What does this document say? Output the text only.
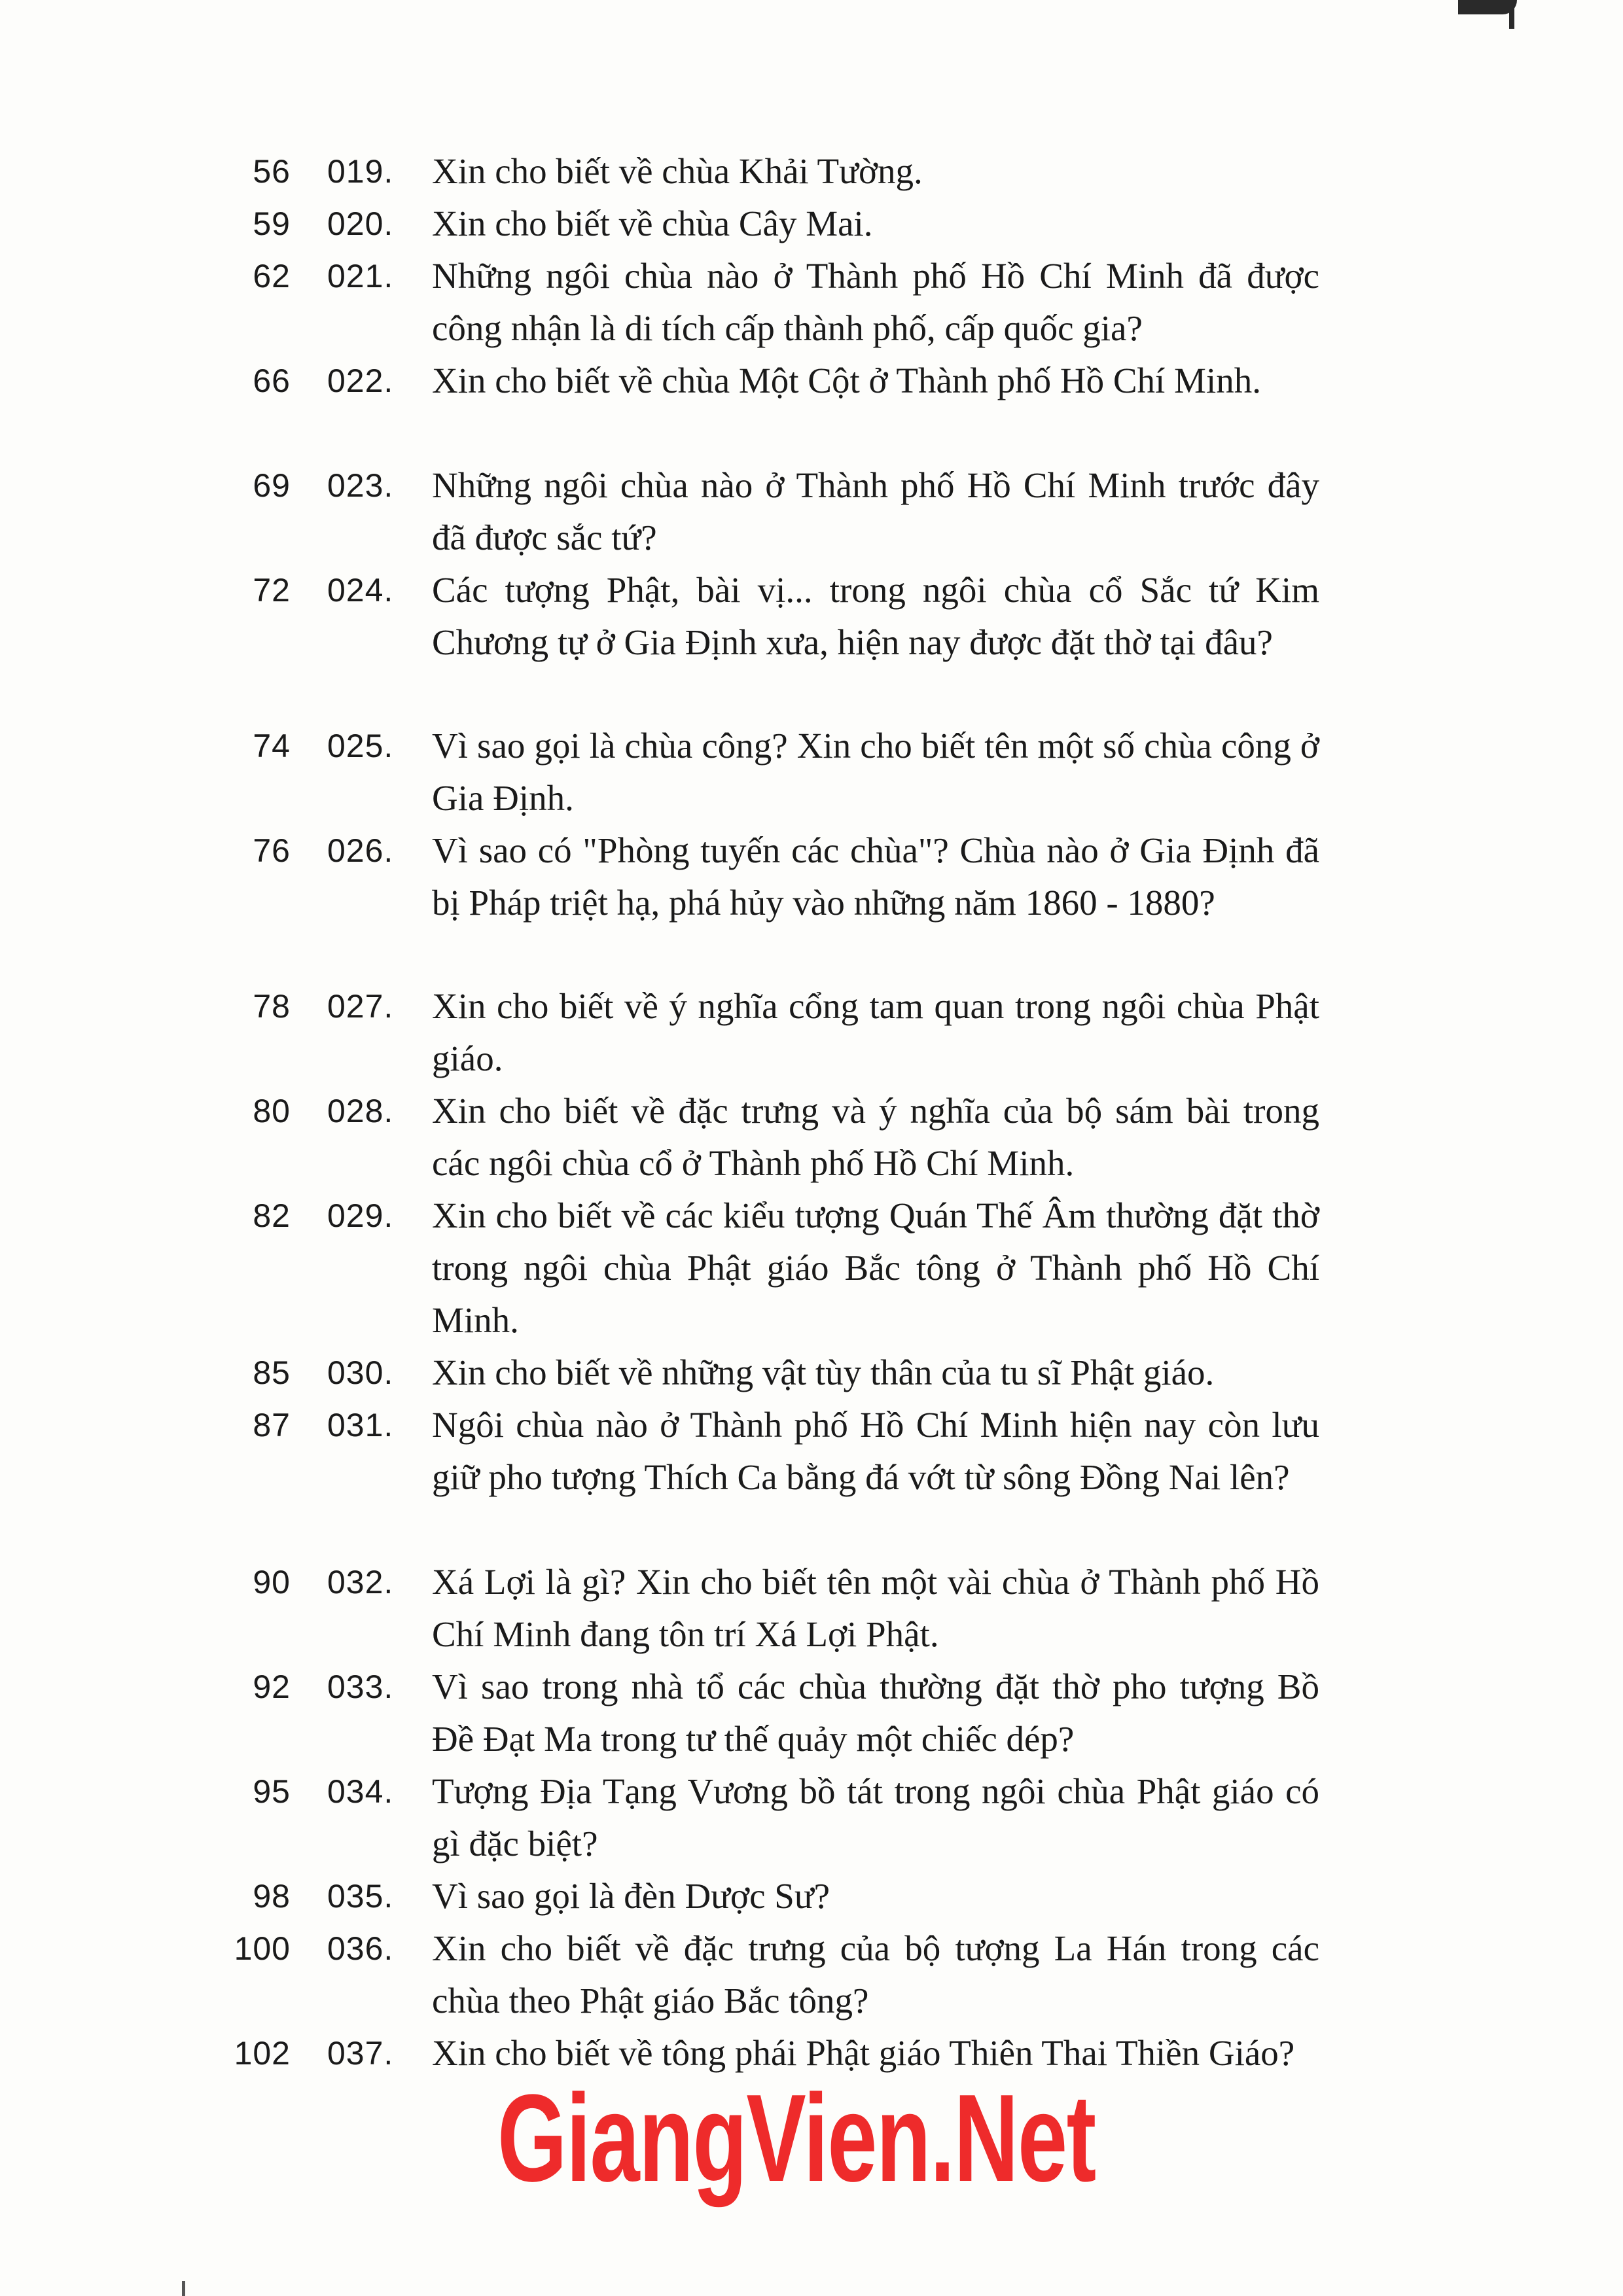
56 019.	Xin cho biết về chùa Khải Tường.
59 020.	Xin cho biết về chùa Cây Mai.
62 021.	Những ngôi chùa nào ở Thành phố Hồ Chí Minh đã được công nhận là di tích cấp thành phố, cấp quốc gia?
66 022.	Xin cho biết về chùa Một Cột ở Thành phố Hồ Chí Minh.
69 023.	Những ngôi chùa nào ở Thành phố Hồ Chí Minh trước đây đã được sắc tứ?
72 024.	Các tượng Phật, bài vị... trong ngôi chùa cổ Sắc tứ Kim Chương tự ở Gia Định xưa, hiện nay được đặt thờ tại đâu?
74 025.	Vì sao gọi là chùa công? Xin cho biết tên một số chùa công ở Gia Định.
76 026.	Vì sao có "Phòng tuyến các chùa"? Chùa nào ở Gia Định đã bị Pháp triệt hạ, phá hủy vào những năm 1860 - 1880?
78 027.	Xin cho biết về ý nghĩa cổng tam quan trong ngôi chùa Phật giáo.
80 028.	Xin cho biết về đặc trưng và ý nghĩa của bộ sám bài trong các ngôi chùa cổ ở Thành phố Hồ Chí Minh.
82 029.	Xin cho biết về các kiểu tượng Quán Thế Âm thường đặt thờ trong ngôi chùa Phật giáo Bắc tông ở Thành phố Hồ Chí Minh.
85 030.	Xin cho biết về những vật tùy thân của tu sĩ Phật giáo.
87 031.	Ngôi chùa nào ở Thành phố Hồ Chí Minh hiện nay còn lưu giữ pho tượng Thích Ca bằng đá vớt từ sông Đồng Nai lên?
90 032.	Xá Lợi là gì? Xin cho biết tên một vài chùa ở Thành phố Hồ Chí Minh đang tôn trí Xá Lợi Phật.
92 033.	Vì sao trong nhà tổ các chùa thường đặt thờ pho tượng Bồ Đề Đạt Ma trong tư thế quảy một chiếc dép?
95 034.	Tượng Địa Tạng Vương bồ tát trong ngôi chùa Phật giáo có gì đặc biệt?
98 035.	Vì sao gọi là đèn Dược Sư?
100 036.	Xin cho biết về đặc trưng của bộ tượng La Hán trong các chùa theo Phật giáo Bắc tông?
102 037.	Xin cho biết về tông phái Phật giáo Thiên Thai Thiền Giáo?
GiangVien.Net
